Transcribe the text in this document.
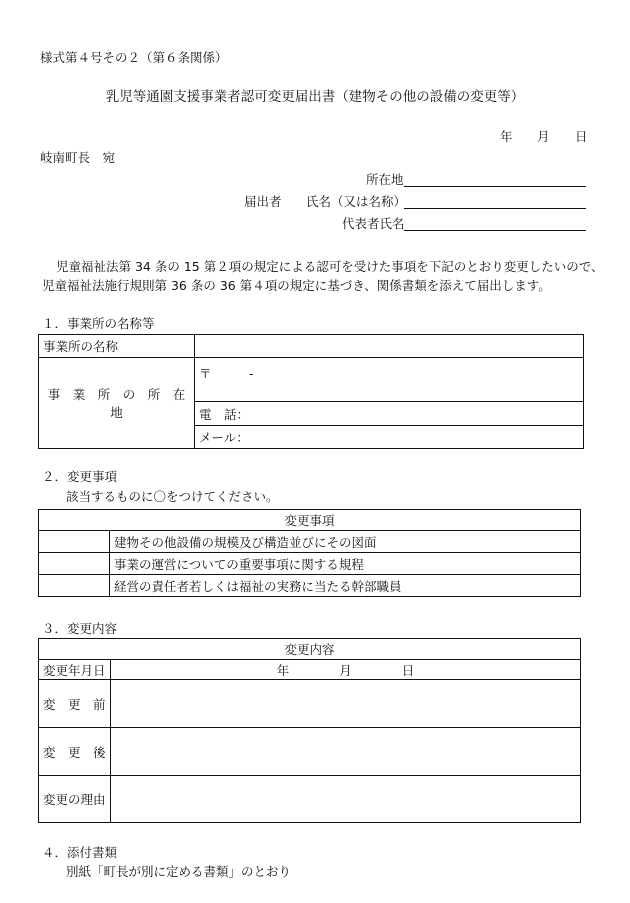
様式第４号その２（第６条関係）
乳児等通園支援事業者認可変更届出書（建物その他の設備の変更等）
年 月 日
岐南町長　宛
所在地
届出者 氏名（又は名称）
代表者氏名
児童福祉法第 34 条の 15 第２項の規定による認可を受けた事項を下記のとおり変更したいので、
児童福祉法施行規則第 36 条の 36 第４項の規定に基づき、関係書類を添えて届出します。
１．事業所の名称等
事業所の名称	
事　業　所　の　所　在　地	〒　　　-
	電　話：
	メール：
２．変更事項
該当するものに〇をつけてください。
変更事項	
	建物その他設備の規模及び構造並びにその図面
	事業の運営についての重要事項に関する規程
	経営の責任者若しくは福祉の実務に当たる幹部職員
３．変更内容
変更内容	
変更年月日	年　　　　月　　　　日
変　更　前	
変　更　後	
変更の理由	
４．添付書類
別紙「町長が別に定める書類」のとおり
